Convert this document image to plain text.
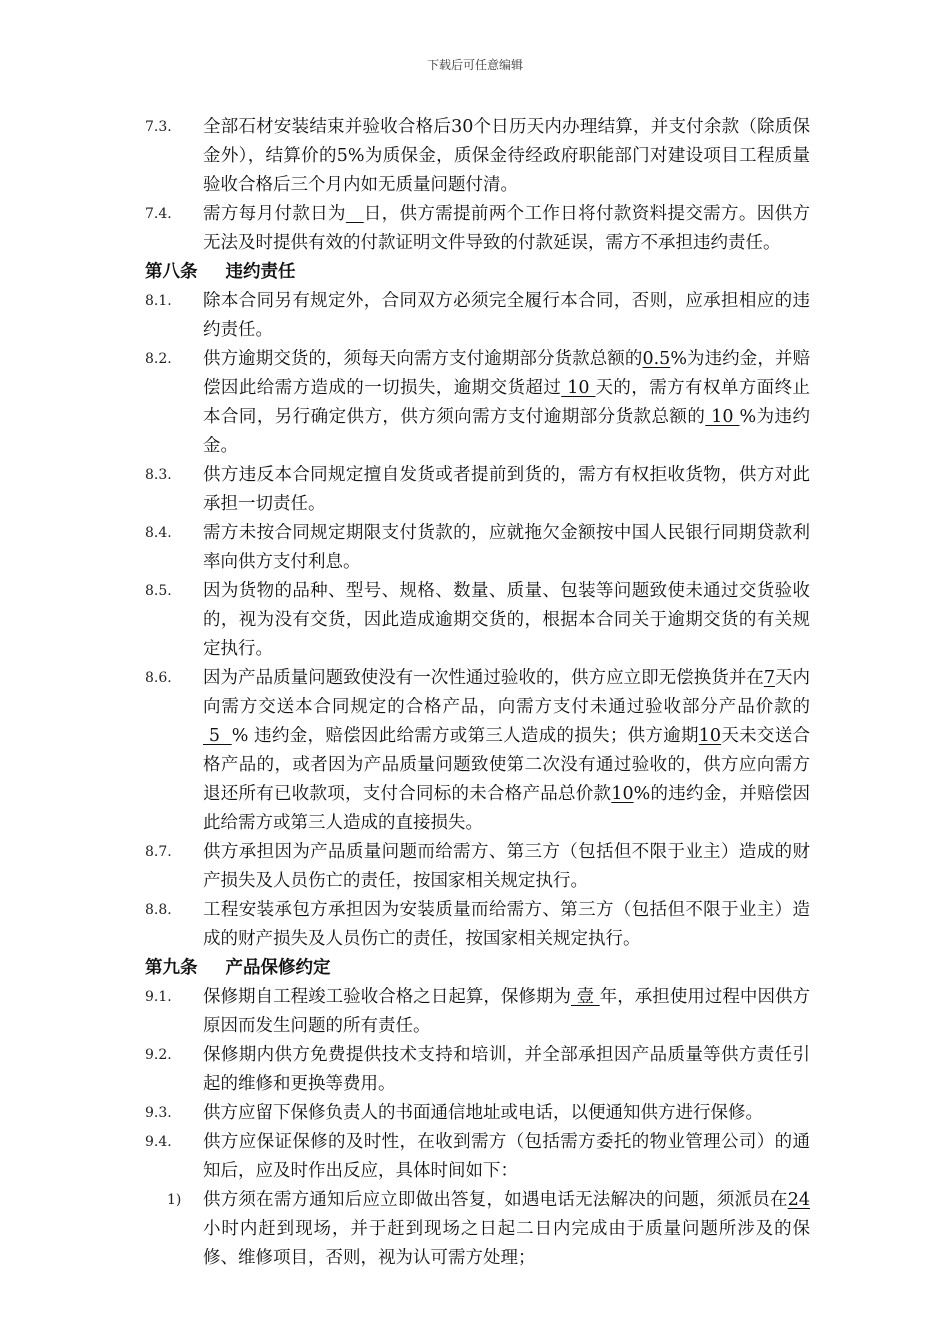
下载后可任意编辑
7.3.	全部石材安装结束并验收合格后30个日历天内办理结算，并支付余款（除质保金外），结算价的5%为质保金，质保金待经政府职能部门对建设项目工程质量验收合格后三个月内如无质量问题付清。
7.4.	需方每月付款日为 日，供方需提前两个工作日将付款资料提交需方。因供方无法及时提供有效的付款证明文件导致的付款延误，需方不承担违约责任。
第八条 违约责任
8.1.	除本合同另有规定外，合同双方必须完全履行本合同，否则，应承担相应的违约责任。
8.2.	供方逾期交货的，须每天向需方支付逾期部分货款总额的0.5%为违约金，并赔偿因此给需方造成的一切损失，逾期交货超过 10 天的，需方有权单方面终止本合同，另行确定供方，供方须向需方支付逾期部分货款总额的 10 %为违约金。
8.3.	供方违反本合同规定擅自发货或者提前到货的，需方有权拒收货物，供方对此承担一切责任。
8.4.	需方未按合同规定期限支付货款的，应就拖欠金额按中国人民银行同期贷款利率向供方支付利息。
8.5.	因为货物的品种、型号、规格、数量、质量、包装等问题致使未通过交货验收的，视为没有交货，因此造成逾期交货的，根据本合同关于逾期交货的有关规定执行。
8.6.	因为产品质量问题致使没有一次性通过验收的，供方应立即无偿换货并在7天内向需方交送本合同规定的合格产品，向需方支付未通过验收部分产品价款的 5  % 违约金，赔偿因此给需方或第三人造成的损失；供方逾期10天未交送合格产品的，或者因为产品质量问题致使第二次没有通过验收的，供方应向需方退还所有已收款项，支付合同标的未合格产品总价款10%的违约金，并赔偿因此给需方或第三人造成的直接损失。
8.7.	供方承担因为产品质量问题而给需方、第三方（包括但不限于业主）造成的财产损失及人员伤亡的责任，按国家相关规定执行。
8.8.	工程安装承包方承担因为安装质量而给需方、第三方（包括但不限于业主）造成的财产损失及人员伤亡的责任，按国家相关规定执行。
第九条 产品保修约定
9.1.	保修期自工程竣工验收合格之日起算，保修期为 壹 年，承担使用过程中因供方原因而发生问题的所有责任。
9.2.	保修期内供方免费提供技术支持和培训，并全部承担因产品质量等供方责任引起的维修和更换等费用。
9.3.	供方应留下保修负责人的书面通信地址或电话，以便通知供方进行保修。
9.4.	供方应保证保修的及时性，在收到需方（包括需方委托的物业管理公司）的通知后，应及时作出反应，具体时间如下：
1)	供方须在需方通知后应立即做出答复，如遇电话无法解决的问题，须派员在24小时内赶到现场，并于赶到现场之日起二日内完成由于质量问题所涉及的保修、维修项目，否则，视为认可需方处理；
